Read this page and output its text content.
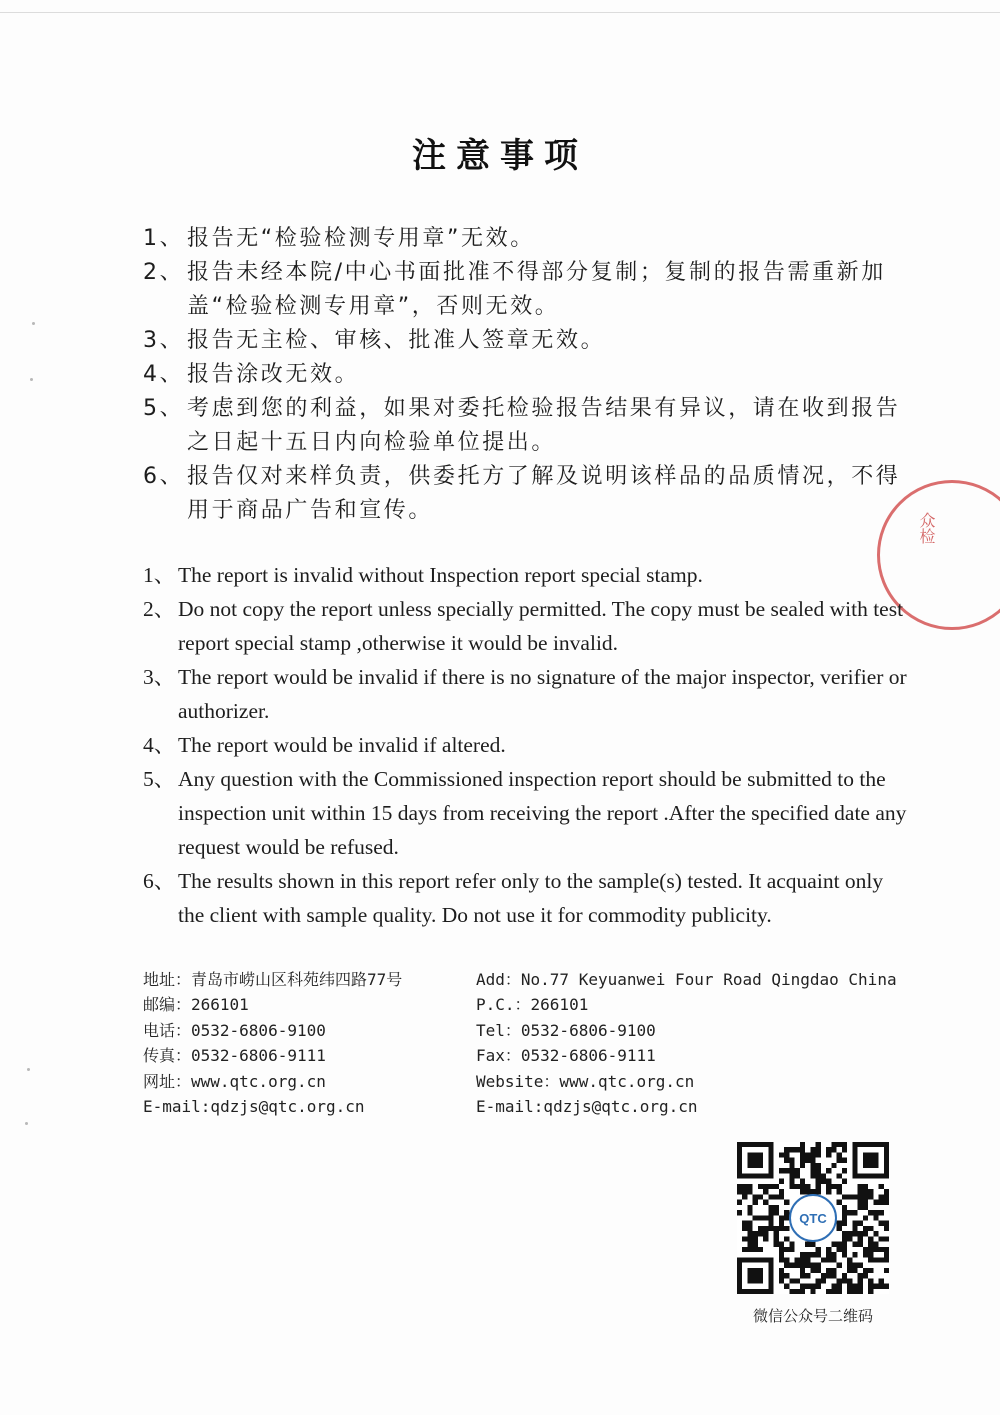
注意事项
1、 报告无“检验检测专用章”无效。
2、 报告未经本院/中心书面批准不得部分复制；复制的报告需重新加盖“检验检测专用章”，否则无效。
3、 报告无主检、审核、批准人签章无效。
4、 报告涂改无效。
5、 考虑到您的利益，如果对委托检验报告结果有异议，请在收到报告之日起十五日内向检验单位提出。
6、 报告仅对来样负责，供委托方了解及说明该样品的品质情况，不得用于商品广告和宣传。
众检
1、 The report is invalid without Inspection report special stamp.
2、 Do not copy the report unless specially permitted. The copy must be sealed with test report special stamp ,otherwise it would be invalid.
3、 The report would be invalid if there is no signature of the major inspector, verifier or authorizer.
4、 The report would be invalid if altered.
5、 Any question with the Commissioned inspection report should be submitted to the inspection unit within 15 days from receiving the report .After the specified date any request would be refused.
6、 The results shown in this report refer only to the sample(s) tested. It acquaint only the client with sample quality. Do not use it for commodity publicity.
地址：青岛市崂山区科苑纬四路77号
邮编：266101
电话：0532-6806-9100
传真：0532-6806-9111
网址：www.qtc.org.cn
E-mail:qdzjs@qtc.org.cn
Add：No.77 Keyuanwei Four Road Qingdao China
P.C.：266101
Tel：0532-6806-9100
Fax：0532-6806-9111
Website：www.qtc.org.cn
E-mail:qdzjs@qtc.org.cn
QTC
微信公众号二维码
